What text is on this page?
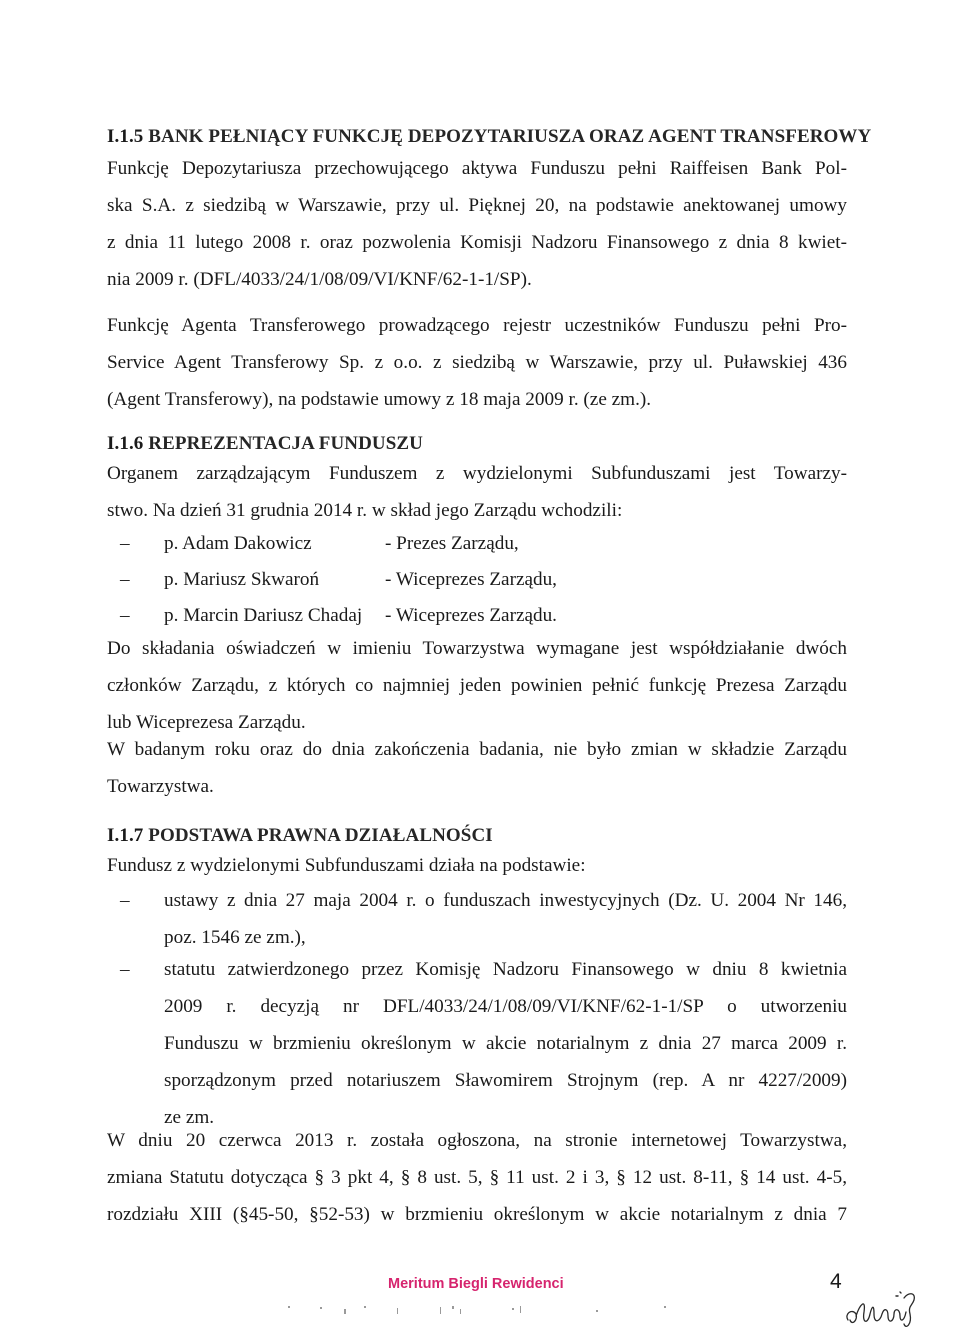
I.1.5 BANK PEŁNIĄCY FUNKCJĘ DEPOZYTARIUSZA ORAZ AGENT TRANSFEROWY

Funkcję Depozytariusza przechowującego aktywa Funduszu pełni Raiffeisen Bank Pol-
ska S.A. z siedzibą w Warszawie, przy ul. Pięknej 20, na podstawie anektowanej umowy
z dnia 11 lutego 2008 r. oraz pozwolenia Komisji Nadzoru Finansowego z dnia 8 kwiet-
nia 2009 r. (DFL/4033/24/1/08/09/VI/KNF/62-1-1/SP).

Funkcję Agenta Transferowego prowadzącego rejestr uczestników Funduszu pełni Pro-
Service Agent Transferowy Sp. z o.o. z siedzibą w Warszawie, przy ul. Puławskiej 436
(Agent Transferowy), na podstawie umowy z 18 maja 2009 r. (ze zm.).

I.1.6 REPREZENTACJA FUNDUSZU

Organem zarządzającym Funduszem z wydzielonymi Subfunduszami jest Towarzy-
stwo. Na dzień 31 grudnia 2014 r. w skład jego Zarządu wchodzili:

– p. Adam Dakowicz	- Prezes Zarządu,
– p. Mariusz Skwaroń	- Wiceprezes Zarządu,
– p. Marcin Dariusz Chadaj - Wiceprezes Zarządu.

Do składania oświadczeń w imieniu Towarzystwa wymagane jest współdziałanie dwóch
członków Zarządu, z których co najmniej jeden powinien pełnić funkcję Prezesa Zarządu
lub Wiceprezesa Zarządu.

W badanym roku oraz do dnia zakończenia badania, nie było zmian w składzie Zarządu
Towarzystwa.

I.1.7 PODSTAWA PRAWNA DZIAŁALNOŚCI

Fundusz z wydzielonymi Subfunduszami działa na podstawie:

– ustawy z dnia 27 maja 2004 r. o funduszach inwestycyjnych (Dz. U. 2004 Nr 146,
poz. 1546 ze zm.),
– statutu zatwierdzonego przez Komisję Nadzoru Finansowego w dniu 8 kwietnia
2009 r. decyzją nr DFL/4033/24/1/08/09/VI/KNF/62-1-1/SP o utworzeniu
Funduszu w brzmieniu określonym w akcie notarialnym z dnia 27 marca 2009 r.
sporządzonym przed notariuszem Sławomirem Strojnym (rep. A nr 4227/2009)
ze zm.

W dniu 20 czerwca 2013 r. została ogłoszona, na stronie internetowej Towarzystwa,
zmiana Statutu dotycząca § 3 pkt 4, § 8 ust. 5, § 11 ust. 2 i 3, § 12 ust. 8-11, § 14 ust. 4-5,
rozdziału XIII (§45-50, §52-53) w brzmieniu określonym w akcie notarialnym z dnia 7

Meritum Biegli Rewidenci	4
